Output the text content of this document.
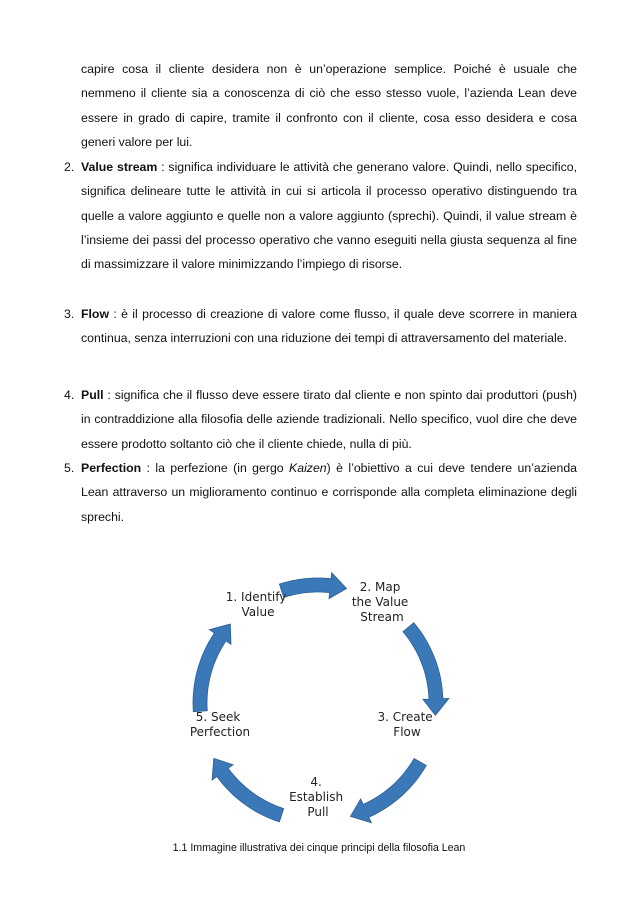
capire cosa il cliente desidera non è un’operazione semplice. Poiché è usuale che nemmeno il cliente sia a conoscenza di ciò che esso stesso vuole, l’azienda Lean deve essere in grado di capire, tramite il confronto con il cliente, cosa esso desidera e cosa generi valore per lui.
2. Value stream : significa individuare le attività che generano valore. Quindi, nello specifico, significa delineare tutte le attività in cui si articola il processo operativo distinguendo tra quelle a valore aggiunto e quelle non a valore aggiunto (sprechi). Quindi, il value stream è l’insieme dei passi del processo operativo che vanno eseguiti nella giusta sequenza al fine di massimizzare il valore minimizzando l’impiego di risorse.
3. Flow : è il processo di creazione di valore come flusso, il quale deve scorrere in maniera continua, senza interruzioni con una riduzione dei tempi di attraversamento del materiale.
4. Pull : significa che il flusso deve essere tirato dal cliente e non spinto dai produttori (push) in contraddizione alla filosofia delle aziende tradizionali. Nello specifico, vuol dire che deve essere prodotto soltanto ciò che il cliente chiede, nulla di più.
5. Perfection : la perfezione (in gergo Kaizen) è l’obiettivo a cui deve tendere un’azienda Lean attraverso un miglioramento continuo e corrisponde alla completa eliminazione degli sprechi.
1. Identify Value
2. Map the Value Stream
3. Create Flow
4. Establish Pull
5. Seek Perfection
1.1 Immagine illustrativa dei cinque principi della filosofia Lean
